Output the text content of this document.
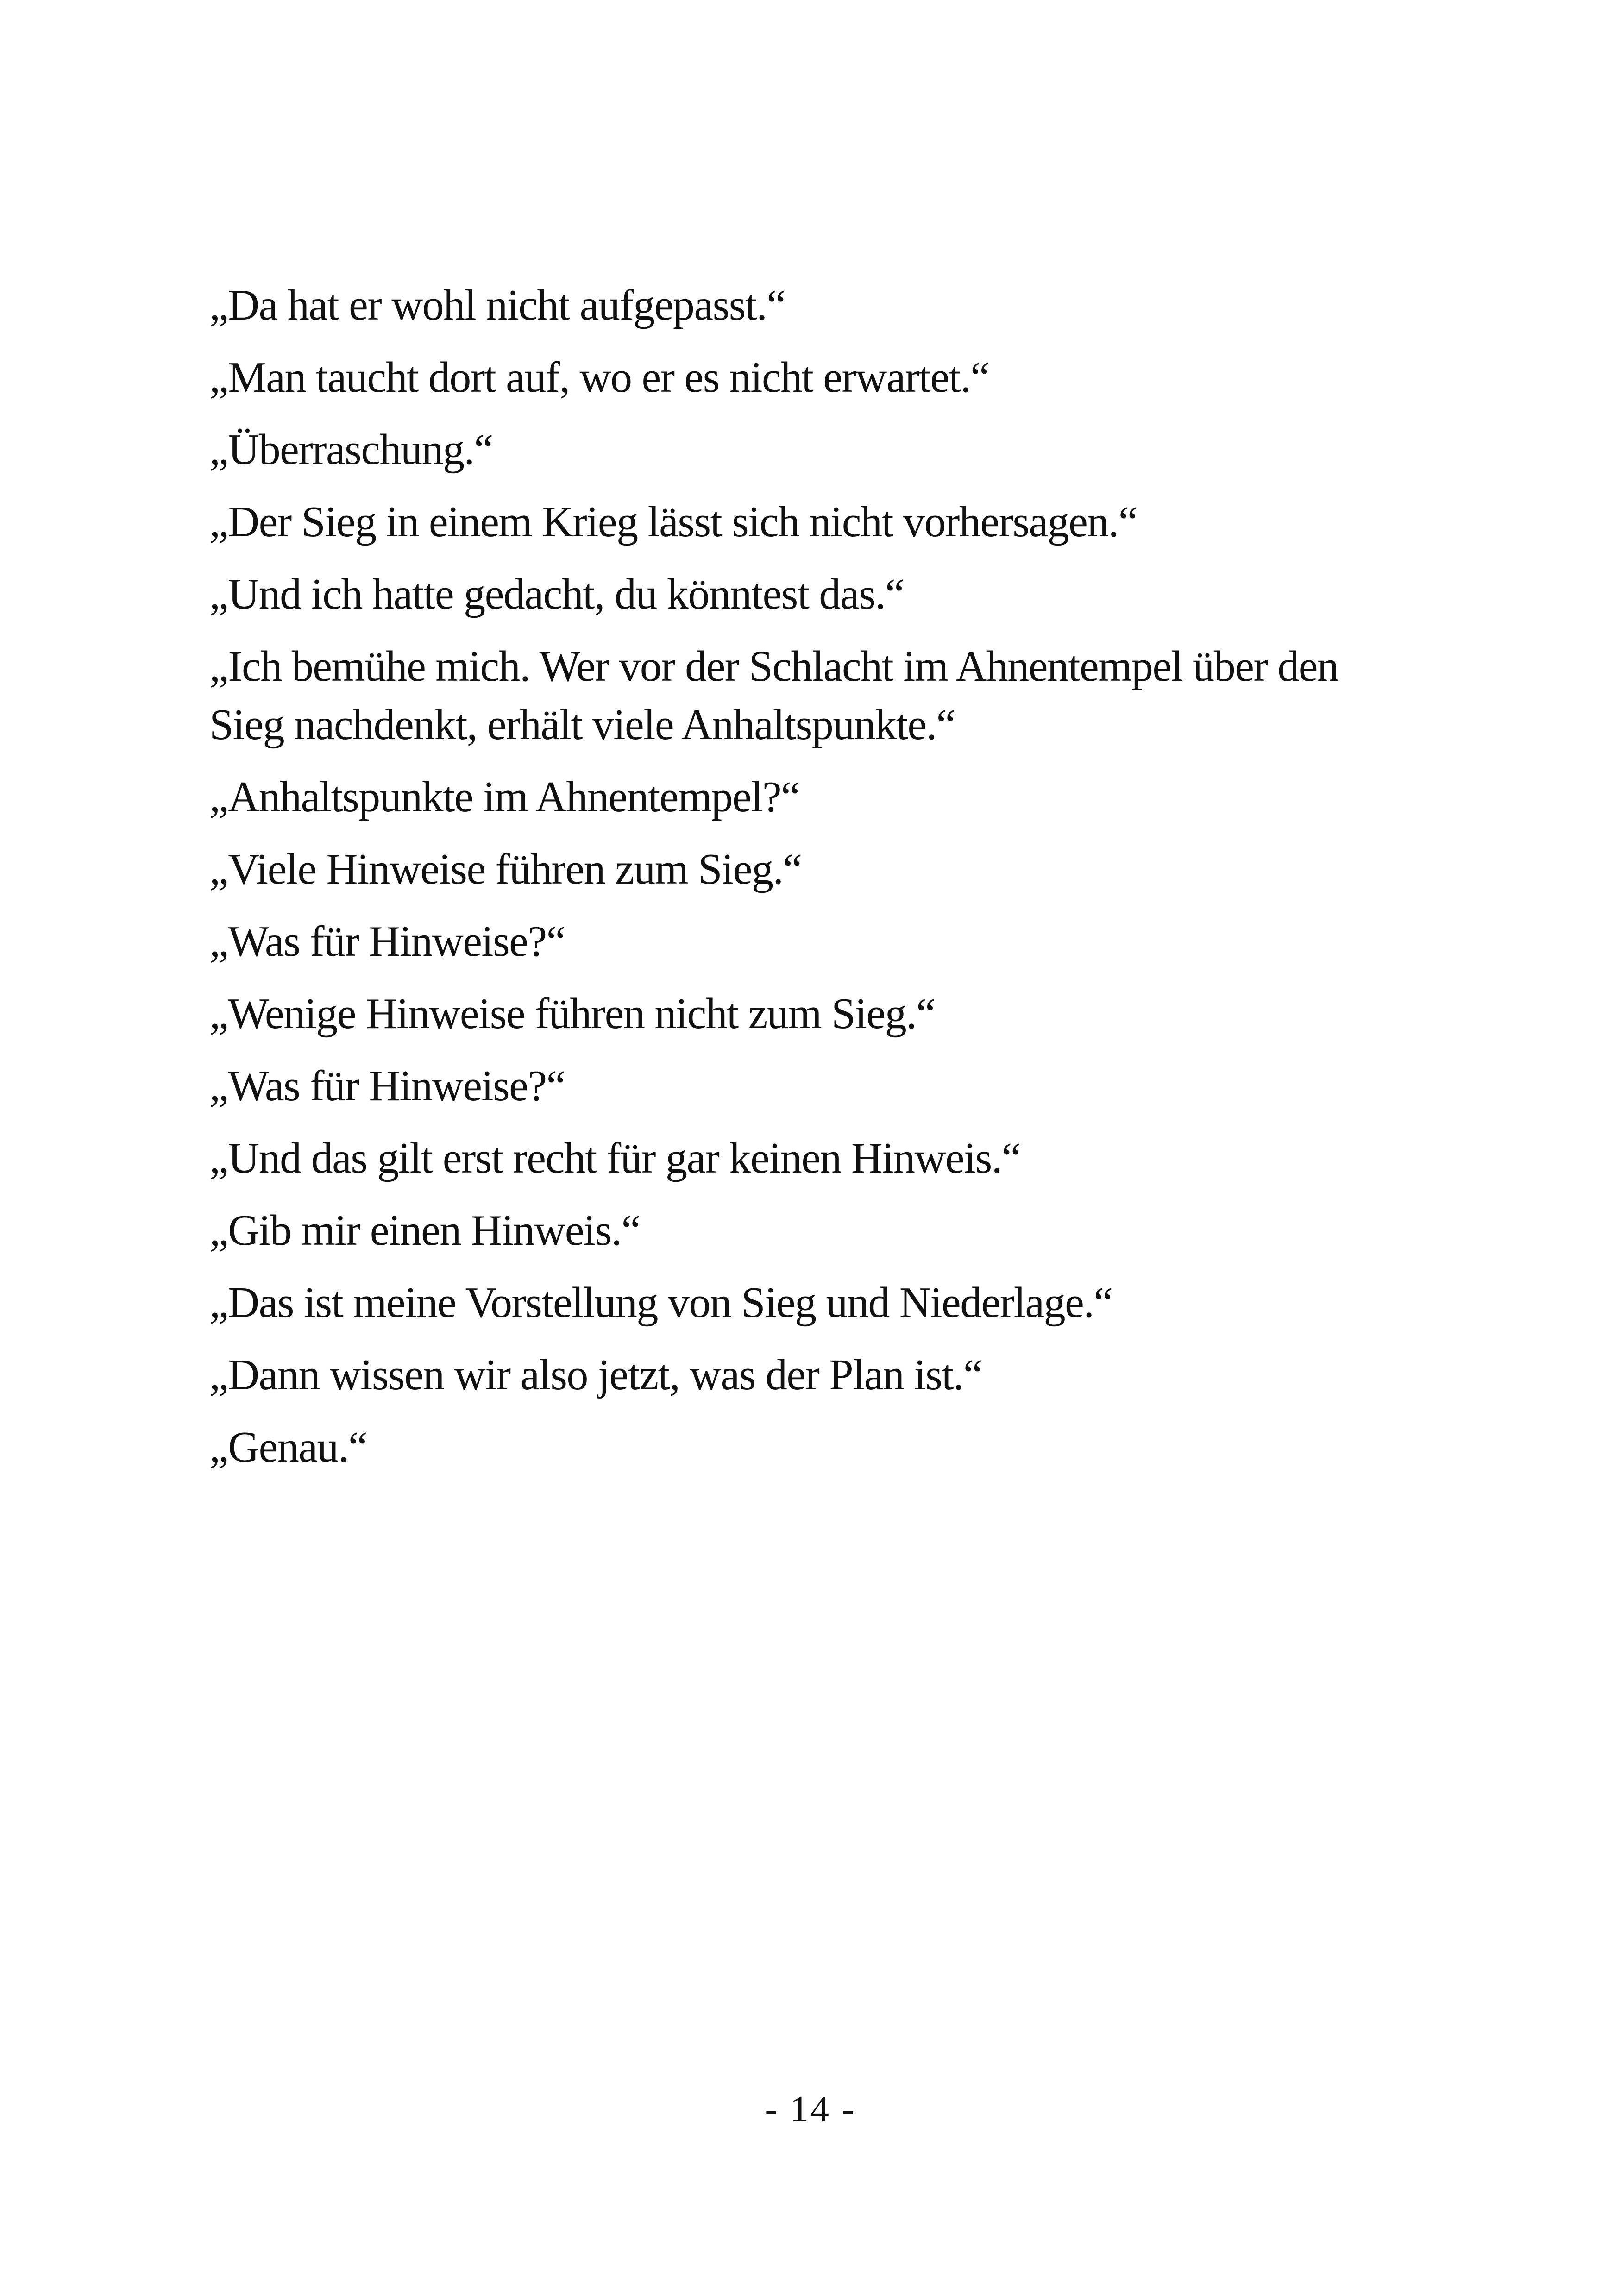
„Da hat er wohl nicht aufgepasst.“

„Man taucht dort auf, wo er es nicht erwartet.“

„Überraschung.“

„Der Sieg in einem Krieg lässt sich nicht vorhersagen.“

„Und ich hatte gedacht, du könntest das.“

„Ich bemühe mich. Wer vor der Schlacht im Ahnentempel über den Sieg nachdenkt, erhält viele Anhaltspunkte.“

„Anhaltspunkte im Ahnentempel?“

„Viele Hinweise führen zum Sieg.“

„Was für Hinweise?“

„Wenige Hinweise führen nicht zum Sieg.“

„Was für Hinweise?“

„Und das gilt erst recht für gar keinen Hinweis.“

„Gib mir einen Hinweis.“

„Das ist meine Vorstellung von Sieg und Niederlage.“

„Dann wissen wir also jetzt, was der Plan ist.“

„Genau.“

- 14 -
